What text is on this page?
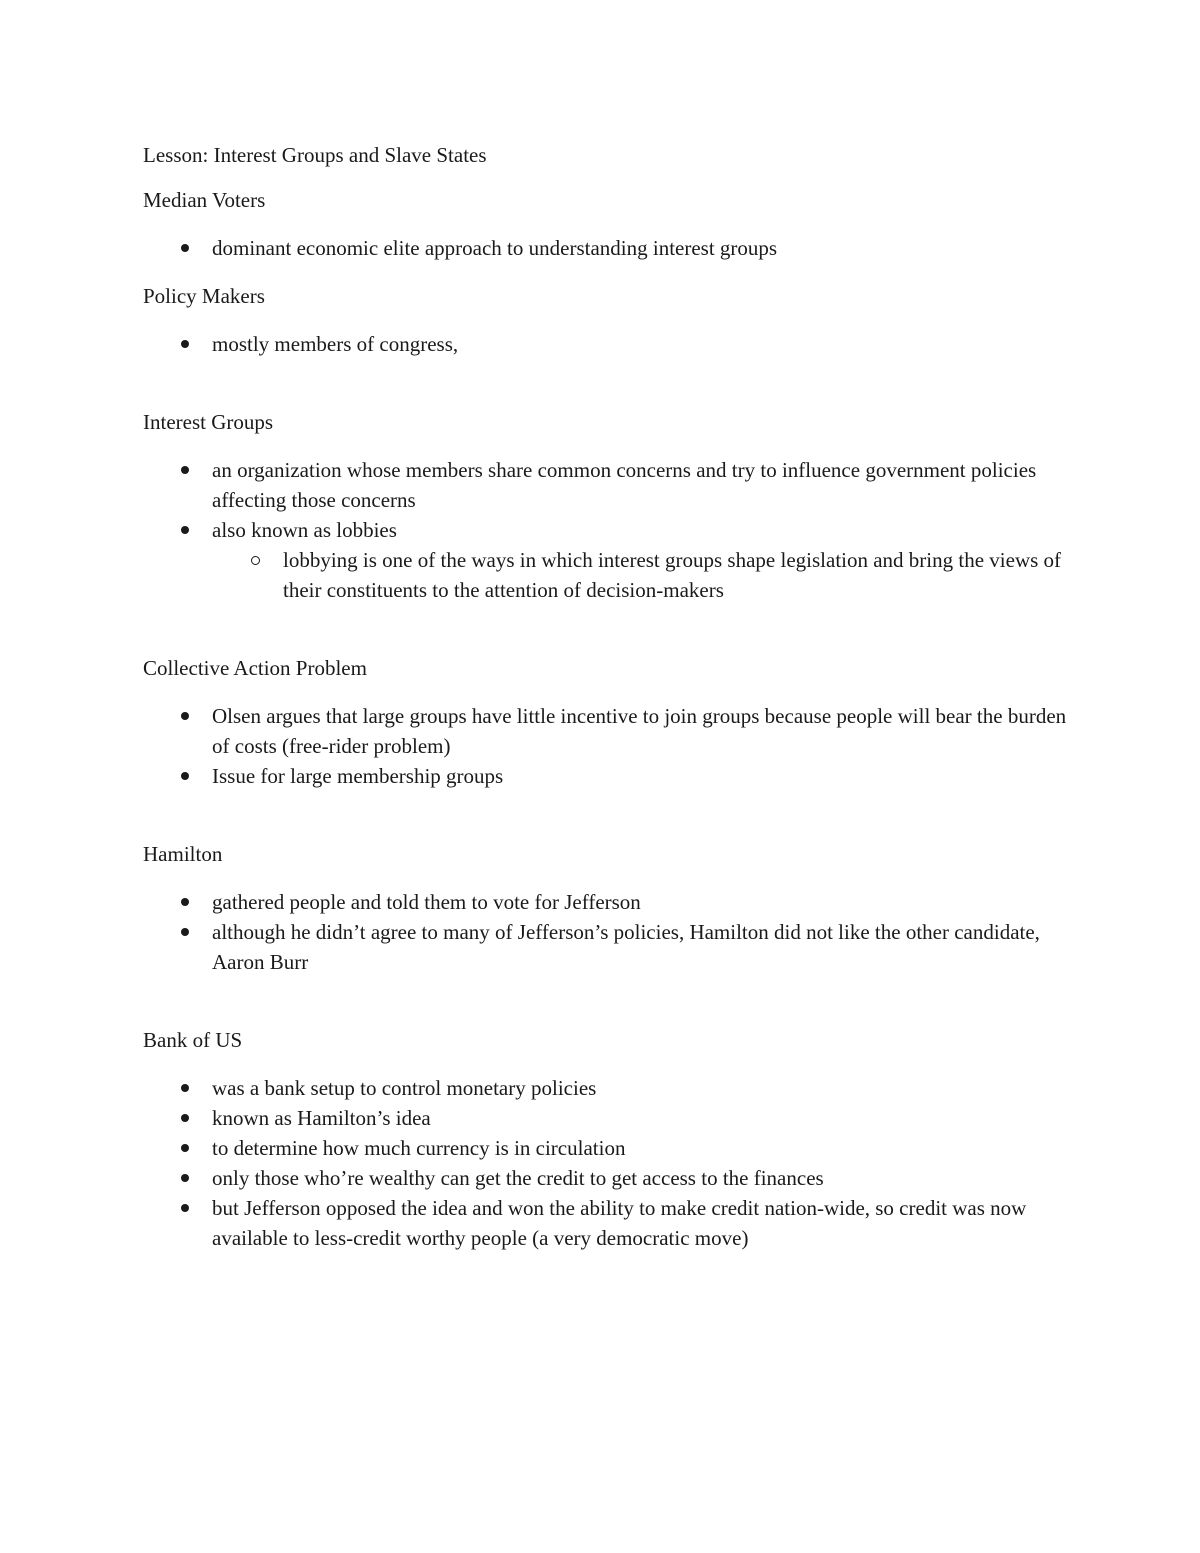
Lesson: Interest Groups and Slave States

Median Voters

dominant economic elite approach to understanding interest groups

Policy Makers

mostly members of congress,

Interest Groups

an organization whose members share common concerns and try to influence government policies affecting those concerns
also known as lobbies
lobbying is one of the ways in which interest groups shape legislation and bring the views of their constituents to the attention of decision-makers

Collective Action Problem

Olsen argues that large groups have little incentive to join groups because people will bear the burden of costs (free-rider problem)
Issue for large membership groups

Hamilton

gathered people and told them to vote for Jefferson
although he didn’t agree to many of Jefferson’s policies, Hamilton did not like the other candidate, Aaron Burr

Bank of US

was a bank setup to control monetary policies
known as Hamilton’s idea
to determine how much currency is in circulation
only those who’re wealthy can get the credit to get access to the finances
but Jefferson opposed the idea and won the ability to make credit nation-wide, so credit was now available to less-credit worthy people (a very democratic move)
